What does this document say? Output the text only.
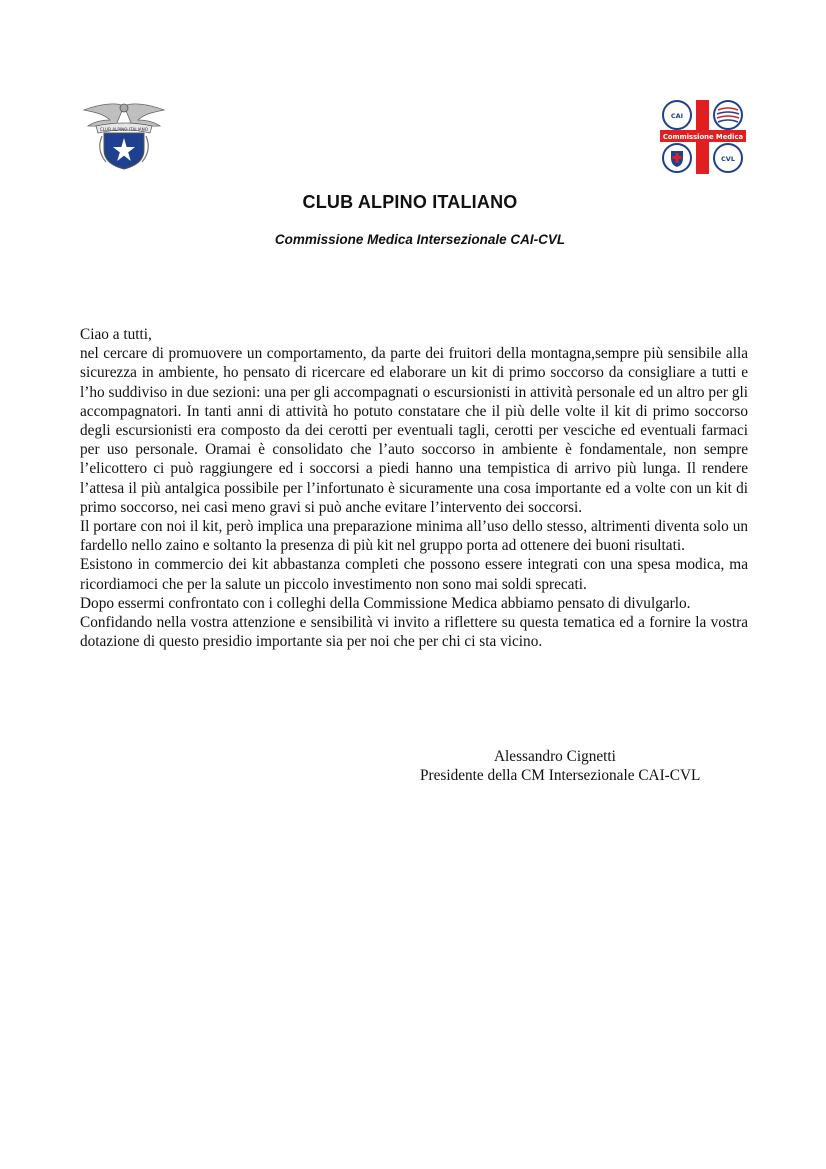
CLUB ALPINO ITALIANO
CAI
Commissione Medica
CVL
CLUB ALPINO ITALIANO
Commissione Medica Intersezionale CAI-CVL

Ciao a tutti,

nel cercare di promuovere un comportamento, da parte dei fruitori della montagna,sempre più sensibile alla sicurezza in ambiente, ho pensato di ricercare ed elaborare un kit di primo soccorso da consigliare a tutti e l’ho suddiviso in due sezioni: una per gli accompagnati o escursionisti in attività personale ed un altro per gli accompagnatori. In tanti anni di attività ho potuto constatare che il più delle volte il kit di primo soccorso degli escursionisti era composto da dei cerotti per eventuali tagli, cerotti per vesciche ed eventuali farmaci per uso personale. Oramai è consolidato che l’auto soccorso in ambiente è fondamentale, non sempre l’elicottero ci può raggiungere ed i soccorsi a piedi hanno una tempistica di arrivo più lunga. Il rendere l’attesa il più antalgica possibile per l’infortunato è sicuramente una cosa importante ed a volte con un kit di primo soccorso, nei casi meno gravi si può anche evitare l’intervento dei soccorsi.

Il portare con noi il kit, però implica una preparazione minima all’uso dello stesso, altrimenti diventa solo un fardello nello zaino e soltanto la presenza di più kit nel gruppo porta ad ottenere dei buoni risultati.

Esistono in commercio dei kit abbastanza completi che possono essere integrati con una spesa modica, ma ricordiamoci che per la salute un piccolo investimento non sono mai soldi sprecati.

Dopo essermi confrontato con i colleghi della Commissione Medica abbiamo pensato di divulgarlo.

Confidando nella vostra attenzione e sensibilità vi invito a riflettere su questa tematica ed a fornire la vostra dotazione di questo presidio importante sia per noi che per chi ci sta vicino.

Alessandro Cignetti
Presidente della CM Intersezionale CAI-CVL
